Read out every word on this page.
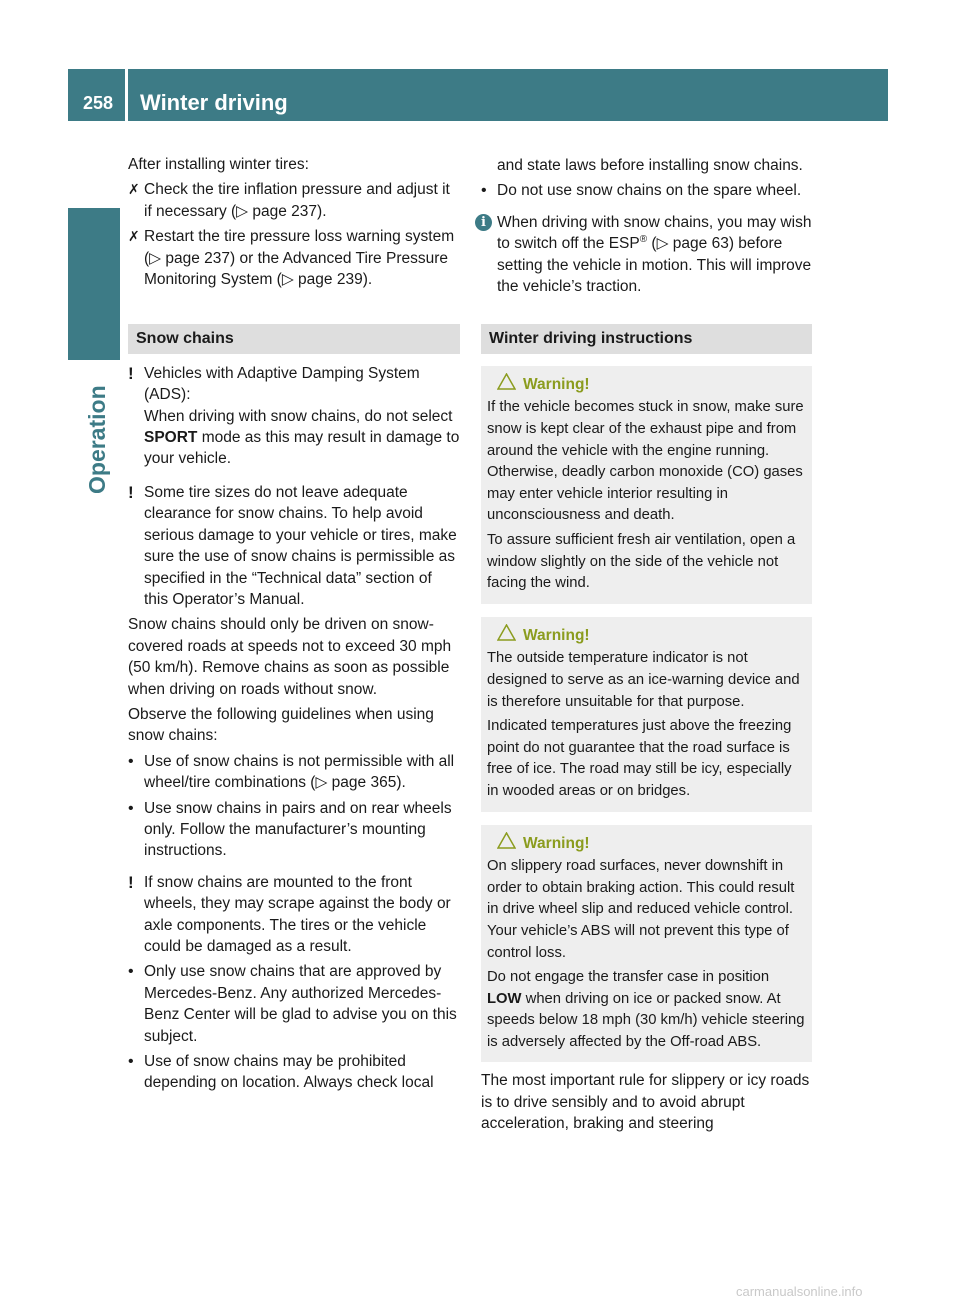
258	Winter driving
Operation

After installing winter tires:

✗ Check the tire inflation pressure and adjust it if necessary (▷ page 237).
✗ Restart the tire pressure loss warning system (▷ page 237) or the Advanced Tire Pressure Monitoring System (▷ page 239).
Snow chains
! Vehicles with Adaptive Damping System (ADS):
When driving with snow chains, do not select SPORT mode as this may result in damage to your vehicle.
! Some tire sizes do not leave adequate clearance for snow chains. To help avoid serious damage to your vehicle or tires, make sure the use of snow chains is permissible as specified in the “Technical data” section of this Operator’s Manual.

Snow chains should only be driven on snow-covered roads at speeds not to exceed 30 mph (50 km/h). Remove chains as soon as possible when driving on roads without snow.

Observe the following guidelines when using snow chains:

• Use of snow chains is not permissible with all wheel/tire combinations (▷ page 365).
• Use snow chains in pairs and on rear wheels only. Follow the manufacturer’s mounting instructions.
! If snow chains are mounted to the front wheels, they may scrape against the body or axle components. The tires or the vehicle could be damaged as a result.
• Only use snow chains that are approved by Mercedes-Benz. Any authorized Mercedes-Benz Center will be glad to advise you on this subject.
• Use of snow chains may be prohibited depending on location. Always check local

and state laws before installing snow chains.

• Do not use snow chains on the spare wheel.
i When driving with snow chains, you may wish to switch off the ESP® (▷ page 63) before setting the vehicle in motion. This will improve the vehicle’s traction.
Winter driving instructions
Warning!

If the vehicle becomes stuck in snow, make sure snow is kept clear of the exhaust pipe and from around the vehicle with the engine running. Otherwise, deadly carbon monoxide (CO) gases may enter vehicle interior resulting in unconsciousness and death.

To assure sufficient fresh air ventilation, open a window slightly on the side of the vehicle not facing the wind.

Warning!

The outside temperature indicator is not designed to serve as an ice-warning device and is therefore unsuitable for that purpose.

Indicated temperatures just above the freezing point do not guarantee that the road surface is free of ice. The road may still be icy, especially in wooded areas or on bridges.

Warning!

On slippery road surfaces, never downshift in order to obtain braking action. This could result in drive wheel slip and reduced vehicle control. Your vehicle’s ABS will not prevent this type of control loss.

Do not engage the transfer case in position LOW when driving on ice or packed snow. At speeds below 18 mph (30 km/h) vehicle steering is adversely affected by the Off-road ABS.

The most important rule for slippery or icy roads is to drive sensibly and to avoid abrupt acceleration, braking and steering

carmanualsonline.info
